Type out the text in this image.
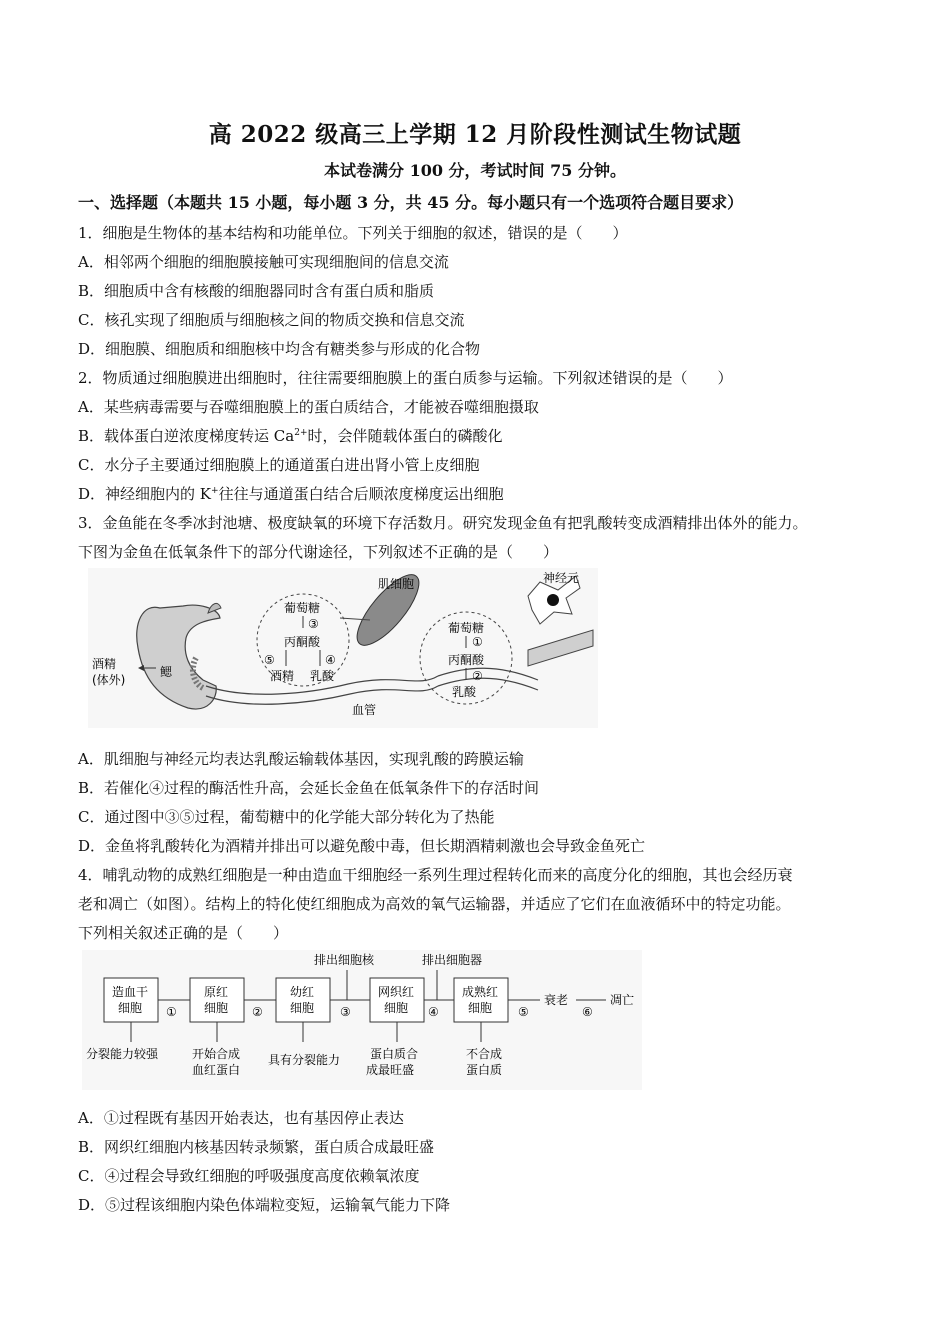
高 2022 级高三上学期 12 月阶段性测试生物试题
本试卷满分 100 分，考试时间 75 分钟。
一、选择题（本题共 15 小题，每小题 3 分，共 45 分。每小题只有一个选项符合题目要求）
1．细胞是生物体的基本结构和功能单位。下列关于细胞的叙述，错误的是（　　）
A．相邻两个细胞的细胞膜接触可实现细胞间的信息交流
B．细胞质中含有核酸的细胞器同时含有蛋白质和脂质
C．核孔实现了细胞质与细胞核之间的物质交换和信息交流
D．细胞膜、细胞质和细胞核中均含有糖类参与形成的化合物
2．物质通过细胞膜进出细胞时，往往需要细胞膜上的蛋白质参与运输。下列叙述错误的是（　　）
A．某些病毒需要与吞噬细胞膜上的蛋白质结合，才能被吞噬细胞摄取
B．载体蛋白逆浓度梯度转运 $Ca^{2+}$时，会伴随载体蛋白的磷酸化
C．水分子主要通过细胞膜上的通道蛋白进出肾小管上皮细胞
D．神经细胞内的 K+往往与通道蛋白结合后顺浓度梯度运出细胞
3．金鱼能在冬季冰封池塘、极度缺氧的环境下存活数月。研究发现金鱼有把乳酸转变成酒精排出体外的能力。
下图为金鱼在低氧条件下的部分代谢途径，下列叙述不正确的是（　　）
酒精
(体外)
鳃
肌细胞	神经元
血管
葡萄糖
③
丙酮酸
⑤	④
酒精 乳酸
葡萄糖
①
丙酮酸
②
乳酸
A．肌细胞与神经元均表达乳酸运输载体基因，实现乳酸的跨膜运输
B．若催化④过程的酶活性升高，会延长金鱼在低氧条件下的存活时间
C．通过图中③⑤过程，葡萄糖中的化学能大部分转化为了热能
D．金鱼将乳酸转化为酒精并排出可以避免酸中毒，但长期酒精刺激也会导致金鱼死亡
4．哺乳动物的成熟红细胞是一种由造血干细胞经一系列生理过程转化而来的高度分化的细胞，其也会经历衰
老和凋亡（如图）。结构上的特化使红细胞成为高效的氧气运输器，并适应了它们在血液循环中的特定功能。
下列相关叙述正确的是（　　）
排出细胞核	排出细胞器
造血干
细胞
原红
细胞
幼红
细胞
网织红
细胞
成熟红
细胞
①	②	③	④	⑤	⑥
衰老	凋亡
分裂能力较强	开始合成
血红蛋白
具有分裂能力 蛋白质合
成最旺盛
不合成
蛋白质
A．①过程既有基因开始表达，也有基因停止表达
B．网织红细胞内核基因转录频繁，蛋白质合成最旺盛
C．④过程会导致红细胞的呼吸强度高度依赖氧浓度
D．⑤过程该细胞内染色体端粒变短，运输氧气能力下降
